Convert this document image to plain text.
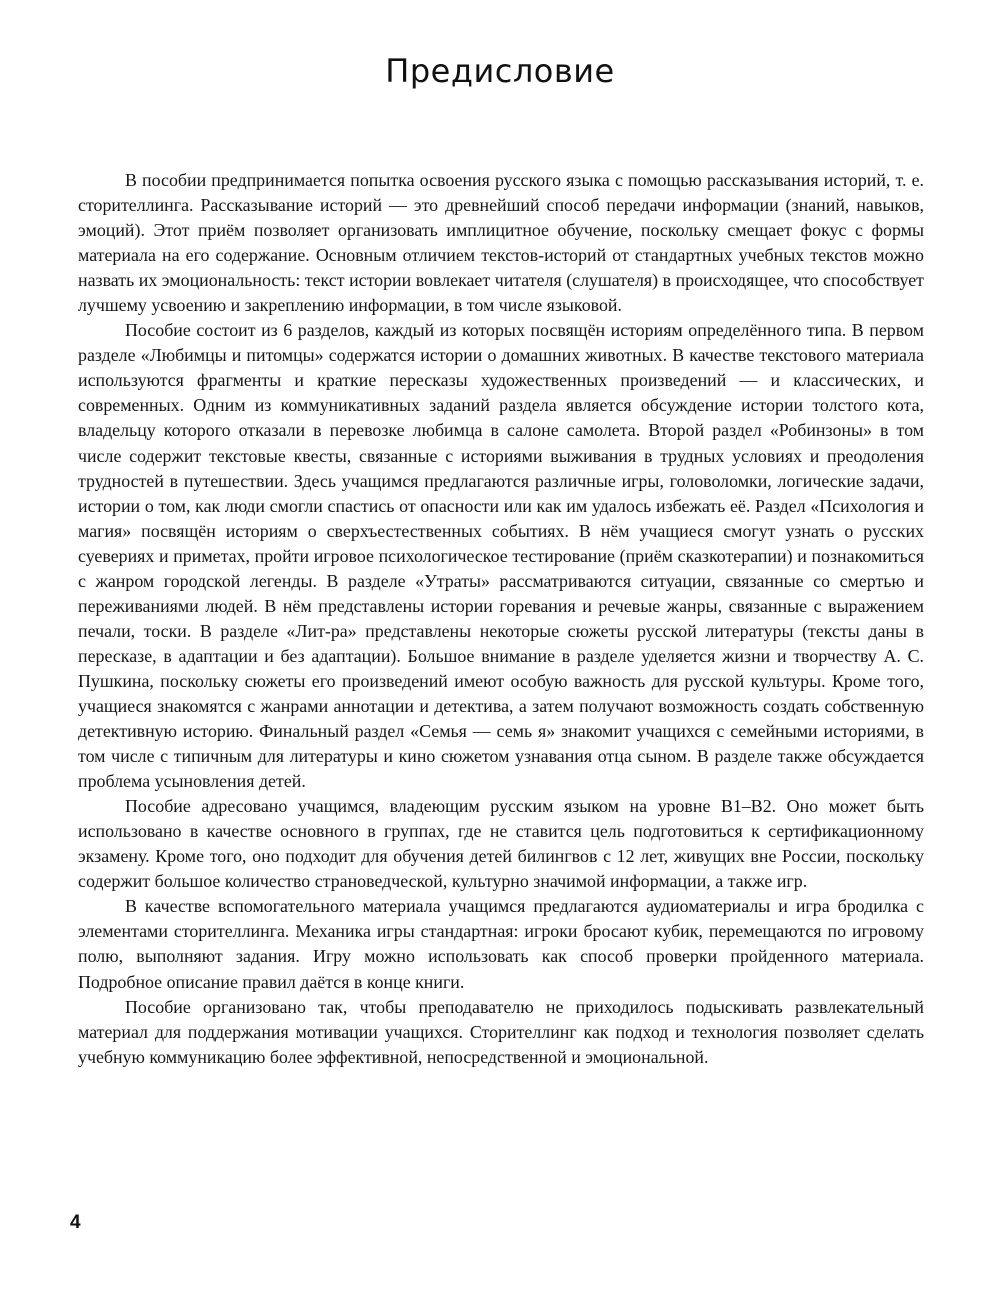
Предисловие

В пособии предпринимается попытка освоения русского языка с помощью рассказывания историй, т. е. сторителлинга. Рассказывание историй — это древнейший способ передачи информации (знаний, навыков, эмоций). Этот приём позволяет организовать имплицитное обучение, поскольку смещает фокус с формы материала на его содержание. Основным отличием текстов-историй от стандартных учебных текстов можно назвать их эмоциональность: текст истории вовлекает читателя (слушателя) в происходящее, что способствует лучшему усвоению и закреплению информации, в том числе языковой.

Пособие состоит из 6 разделов, каждый из которых посвящён историям определённого типа. В первом разделе «Любимцы и питомцы» содержатся истории о домашних животных. В качестве текстового материала используются фрагменты и краткие пересказы художественных произведений — и классических, и современных. Одним из коммуникативных заданий раздела является обсуждение истории толстого кота, владельцу которого отказали в перевозке любимца в салоне самолета. Второй раздел «Робинзоны» в том числе содержит текстовые квесты, связанные с историями выживания в трудных условиях и преодоления трудностей в путешествии. Здесь учащимся предлагаются различные игры, головоломки, логические задачи, истории о том, как люди смогли спастись от опасности или как им удалось избежать её. Раздел «Психология и магия» посвящён историям о сверхъестественных событиях. В нём учащиеся смогут узнать о русских суевериях и приметах, пройти игровое психологическое тестирование (приём сказкотерапии) и познакомиться с жанром городской легенды. В разделе «Утраты» рассматриваются ситуации, связанные со смертью и переживаниями людей. В нём представлены истории горевания и речевые жанры, связанные с выражением печали, тоски. В разделе «Лит-ра» представлены некоторые сюжеты русской литературы (тексты даны в пересказе, в адаптации и без адаптации). Большое внимание в разделе уделяется жизни и творчеству А. С. Пушкина, поскольку сюжеты его произведений имеют особую важность для русской культуры. Кроме того, учащиеся знакомятся с жанрами аннотации и детектива, а затем получают возможность создать собственную детективную историю. Финальный раздел «Семья — семь я» знакомит учащихся с семейными историями, в том числе с типичным для литературы и кино сюжетом узнавания отца сыном. В разделе также обсуждается проблема усыновления детей.

Пособие адресовано учащимся, владеющим русским языком на уровне В1–В2. Оно может быть использовано в качестве основного в группах, где не ставится цель подготовиться к сертификационному экзамену. Кроме того, оно подходит для обучения детей билингвов с 12 лет, живущих вне России, поскольку содержит большое количество страноведческой, культурно значимой информации, а также игр.

В качестве вспомогательного материала учащимся предлагаются аудиоматериалы и игра бродилка с элементами сторителлинга. Механика игры стандартная: игроки бросают кубик, перемещаются по игровому полю, выполняют задания. Игру можно использовать как способ проверки пройденного материала. Подробное описание правил даётся в конце книги.

Пособие организовано так, чтобы преподавателю не приходилось подыскивать развлекательный материал для поддержания мотивации учащихся. Сторителлинг как подход и технология позволяет сделать учебную коммуникацию более эффективной, непосредственной и эмоциональной.

4
